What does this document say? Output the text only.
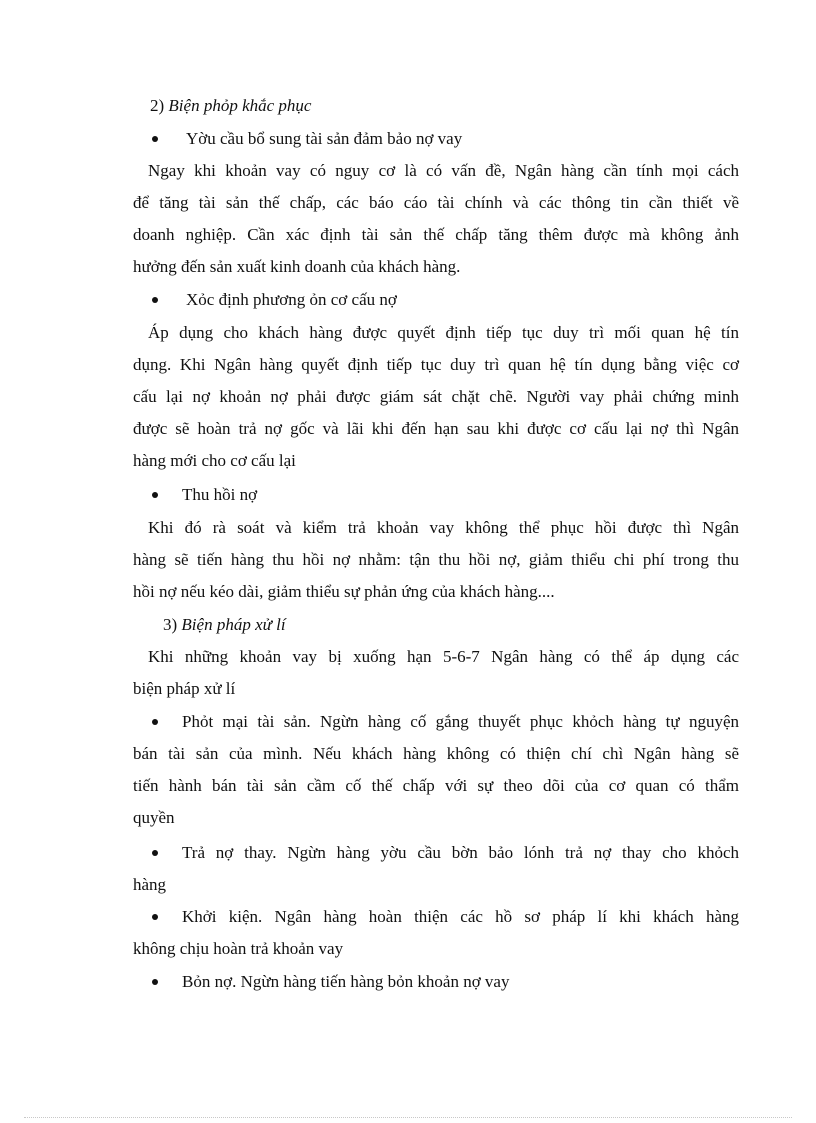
2) Biện phỏp khắc phục
Yờu cầu bổ sung tài sản đảm bảo nợ vay
Ngay khi khoản vay có nguy cơ là có vấn đề, Ngân hàng cần tính mọi cách
để tăng tài sản thế chấp, các báo cáo tài chính và các thông tin cần thiết về
doanh nghiệp. Cần xác định tài sản thế chấp tăng thêm được mà không ảnh
hưởng đến sản xuất kinh doanh của khách hàng.
Xỏc định phương ỏn cơ cấu nợ
Áp dụng cho khách hàng được quyết định tiếp tục duy trì mối quan hệ tín
dụng. Khi Ngân hàng quyết định tiếp tục duy trì quan hệ tín dụng bằng việc cơ
cấu lại nợ khoản nợ phải được giám sát chặt chẽ. Người vay phải chứng minh
được sẽ hoàn trả nợ gốc và lãi khi đến hạn sau khi được cơ cấu lại nợ thì Ngân
hàng mới cho cơ cấu lại
Thu hồi nợ
Khi đó rà soát và kiểm trả khoản vay không thể phục hồi được thì Ngân
hàng sẽ tiến hàng thu hồi nợ nhằm: tận thu hồi nợ, giảm thiểu chi phí trong thu
hồi nợ nếu kéo dài, giảm thiểu sự phản ứng của khách hàng....
3) Biện pháp xử lí
Khi những khoản vay bị xuống hạn 5-6-7 Ngân hàng có thể áp dụng các
biện pháp xử lí
Phỏt mại tài sản. Ngừn hàng cố gắng thuyết phục khỏch hàng tự nguyện
bán tài sản của mình. Nếu khách hàng không có thiện chí chì Ngân hàng sẽ
tiến hành bán tài sản cầm cố thế chấp với sự theo dõi của cơ quan có thẩm
quyền
Trả nợ thay. Ngừn hàng yờu cầu bờn bảo lónh trả nợ thay cho khỏch
hàng
Khởi kiện. Ngân hàng hoàn thiện các hồ sơ pháp lí khi khách hàng
không chịu hoàn trả khoản vay
Bỏn nợ. Ngừn hàng tiến hàng bỏn khoản nợ vay
